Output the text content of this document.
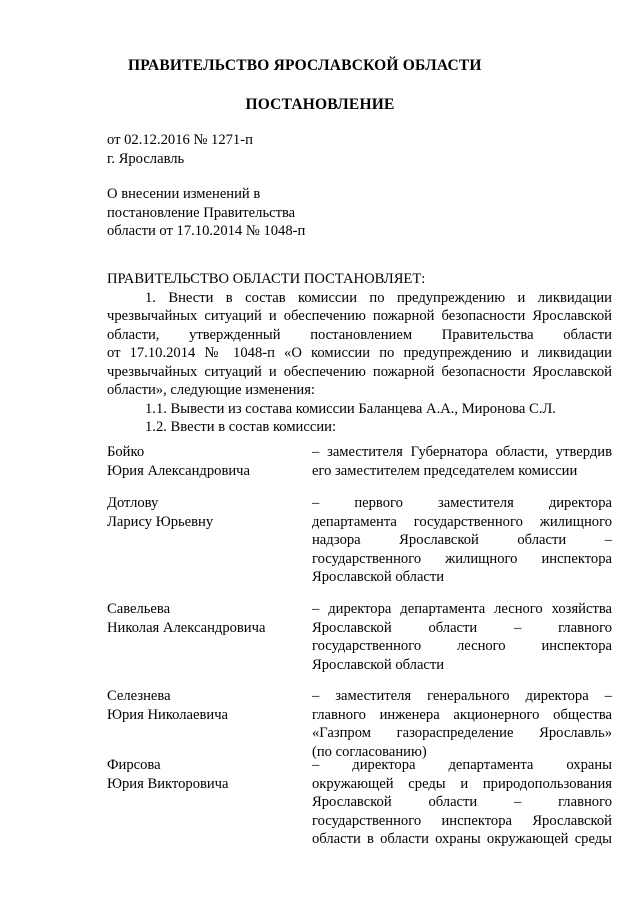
ПРАВИТЕЛЬСТВО ЯРОСЛАВСКОЙ ОБЛАСТИ
ПОСТАНОВЛЕНИЕ
от 02.12.2016 № 1271-п
г. Ярославль
О внесении изменений в
постановление Правительства
области от 17.10.2014 № 1048-п
ПРАВИТЕЛЬСТВО ОБЛАСТИ ПОСТАНОВЛЯЕТ:
1. Внести в состав комиссии по предупреждению и ликвидации
чрезвычайных ситуаций и обеспечению пожарной безопасности Ярославской
области, утвержденный постановлением Правительства области
от 17.10.2014 № 1048-п «О комиссии по предупреждению и ликвидации
чрезвычайных ситуаций и обеспечению пожарной безопасности Ярославской
области», следующие изменения:
1.1. Вывести из состава комиссии Баланцева А.А., Миронова С.Л.
1.2. Ввести в состав комиссии:
Бойко
Юрия Александровича
– заместителя Губернатора области, утвердив
его заместителем председателем комиссии
Дотлову
Ларису Юрьевну
– первого заместителя директора
департамента государственного жилищного
надзора Ярославской области –
государственного жилищного инспектора
Ярославской области
Савельева
Николая Александровича
– директора департамента лесного хозяйства
Ярославской области – главного
государственного лесного инспектора
Ярославской области
Селезнева
Юрия Николаевича
– заместителя генерального директора –
главного инженера акционерного общества
«Газпром газораспределение Ярославль»
(по согласованию)
Фирсова
Юрия Викторовича
– директора департамента охраны
окружающей среды и природопользования
Ярославской области – главного
государственного инспектора Ярославской
области в области охраны окружающей среды
